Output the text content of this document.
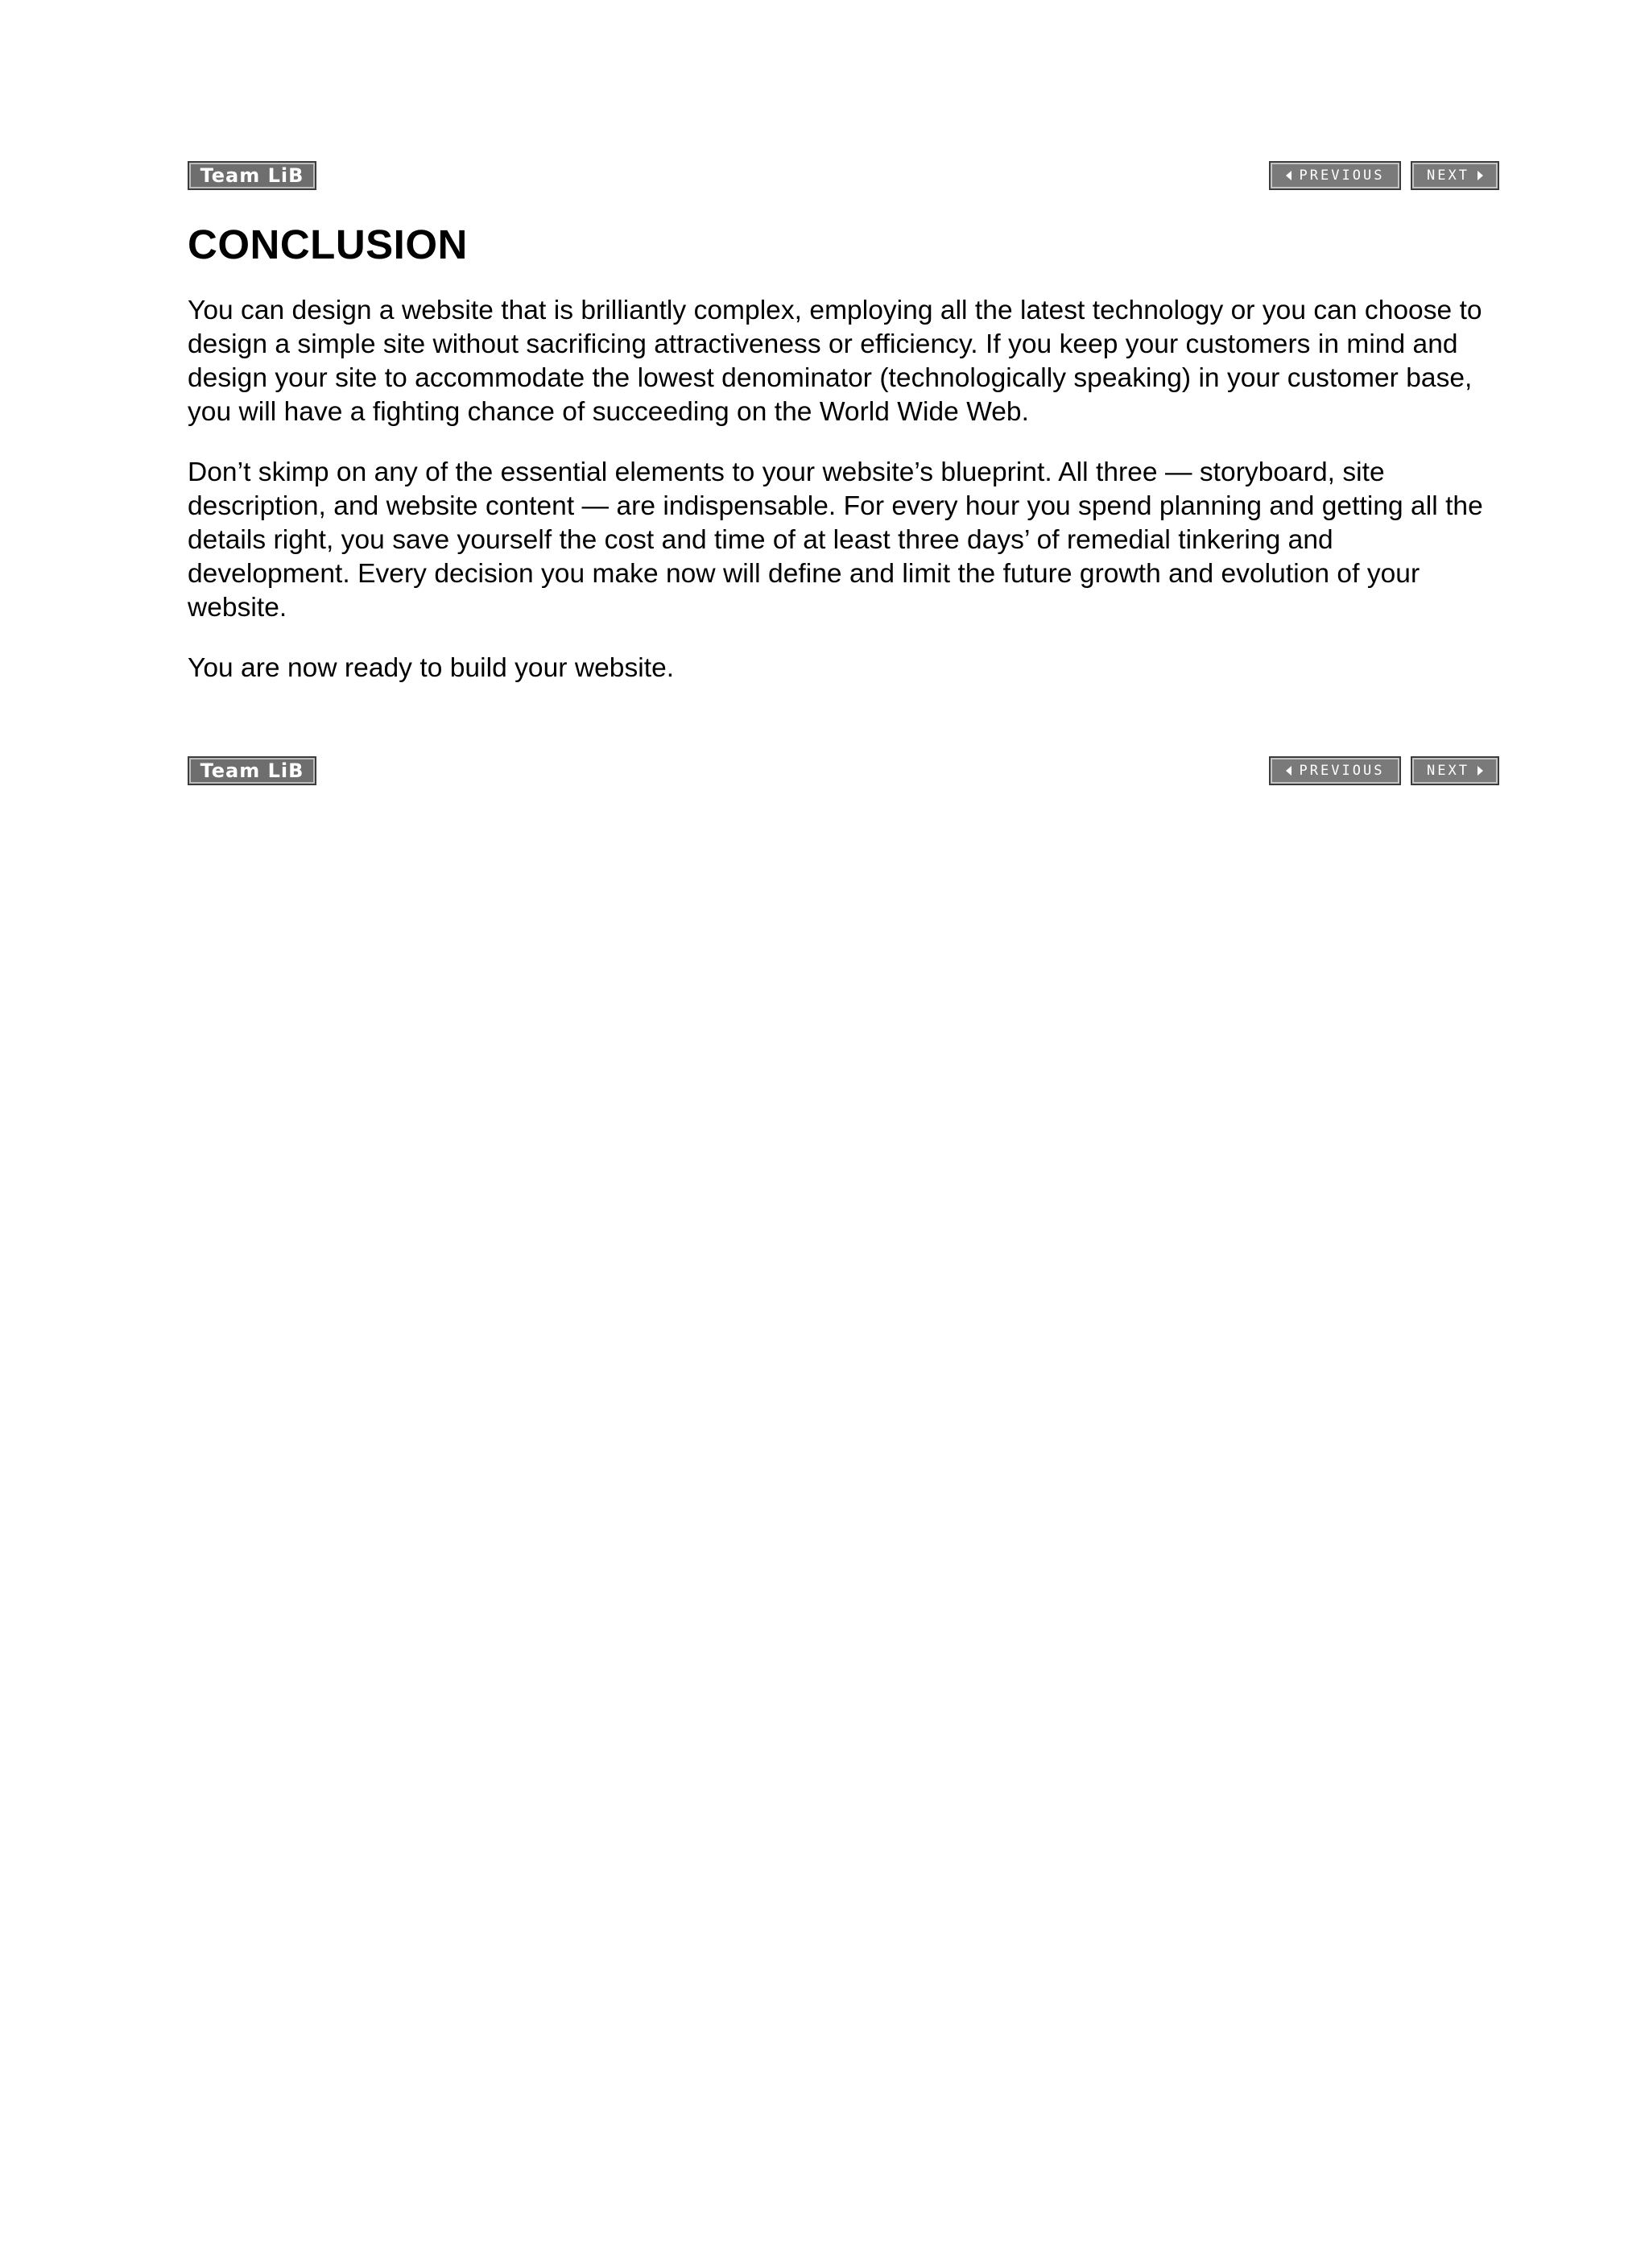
Team LiB	PREVIOUS	NEXT
CONCLUSION

You can design a website that is brilliantly complex, employing all the latest technology or you can choose to design a simple site without sacrificing attractiveness or efficiency. If you keep your customers in mind and design your site to accommodate the lowest denominator (technologically speaking) in your customer base, you will have a fighting chance of succeeding on the World Wide Web.

Don’t skimp on any of the essential elements to your website’s blueprint. All three — storyboard, site description, and website content — are indispensable. For every hour you spend planning and getting all the details right, you save yourself the cost and time of at least three days’ of remedial tinkering and development. Every decision you make now will define and limit the future growth and evolution of your website.

You are now ready to build your website.

Team LiB	PREVIOUS	NEXT
